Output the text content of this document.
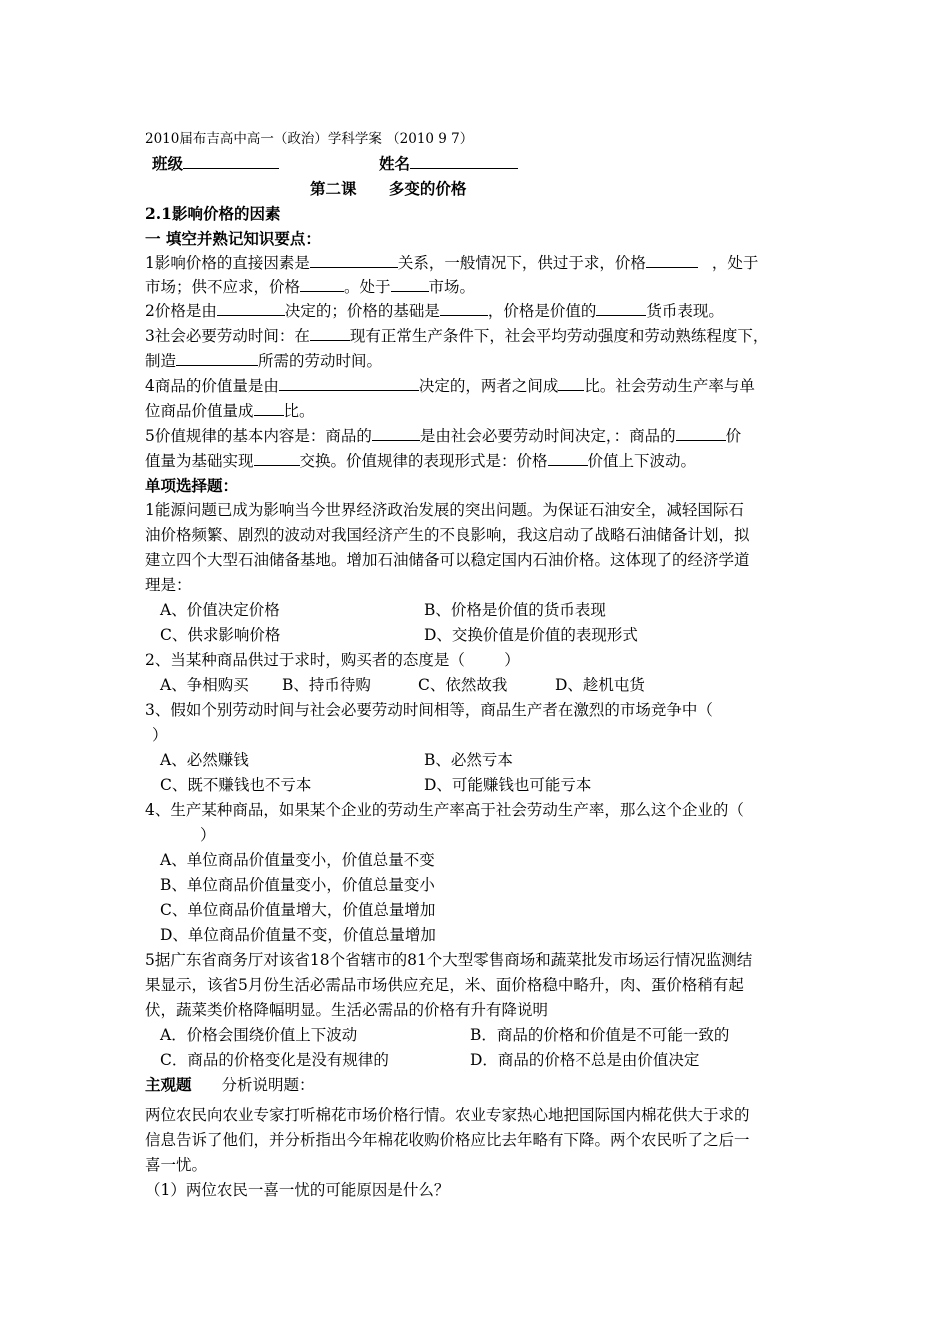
2010届布吉高中高一（政治）学科学案 （2010 9 7）
班级	姓名
第二课      多变的价格
2.1影响价格的因素
一 填空并熟记知识要点：
1影响价格的直接因素是	关系，一般情况下，供过于求，价格	，处于
市场；供不应求，价格	。处于 市场。
2价格是由	决定的；价格的基础是	，价格是价值的	货币表现。
3社会必要劳动时间：在	现有正常生产条件下，社会平均劳动强度和劳动熟练程度下，
制造	所需的劳动时间。
4商品的价值量是由	决定的，两者之间成 比。社会劳动生产率与单
位商品价值量成 比。
5价值规律的基本内容是：商品的	是由社会必要劳动时间决定，：商品的	价
值量为基础实现	交换。价值规律的表现形式是：价格	价值上下波动。
单项选择题：
1能源问题已成为影响当今世界经济政治发展的突出问题。为保证石油安全，减轻国际石
油价格频繁、剧烈的波动对我国经济产生的不良影响，我这启动了战略石油储备计划，拟
建立四个大型石油储备基地。增加石油储备可以稳定国内石油价格。这体现了的经济学道
理是：
A、价值决定价格	B、价格是价值的货币表现
C、供求影响价格	D、交换价值是价值的表现形式
2、当某种商品供过于求时，购买者的态度是（        ）
A、争相购买 B、持币待购	C、依然故我	D、趁机屯货
3、假如个别劳动时间与社会必要劳动时间相等，商品生产者在激烈的市场竞争中（
）
A、必然赚钱	B、必然亏本
C、既不赚钱也不亏本	D、可能赚钱也可能亏本
4、生产某种商品，如果某个企业的劳动生产率高于社会劳动生产率，那么这个企业的（
）
A、单位商品价值量变小，价值总量不变
B、单位商品价值量变小，价值总量变小
C、单位商品价值量增大，价值总量增加
D、单位商品价值量不变，价值总量增加
5据广东省商务厅对该省18个省辖市的81个大型零售商场和蔬菜批发市场运行情况监测结
果显示，该省5月份生活必需品市场供应充足，米、面价格稳中略升，肉、蛋价格稍有起
伏，蔬菜类价格降幅明显。生活必需品的价格有升有降说明
A．价格会围绕价值上下波动	B．商品的价格和价值是不可能一致的
C．商品的价格变化是没有规律的	D．商品的价格不总是由价值决定
主观题 分析说明题：
两位农民向农业专家打听棉花市场价格行情。农业专家热心地把国际国内棉花供大于求的
信息告诉了他们，并分析指出今年棉花收购价格应比去年略有下降。两个农民听了之后一
喜一忧。
（1）两位农民一喜一忧的可能原因是什么？
